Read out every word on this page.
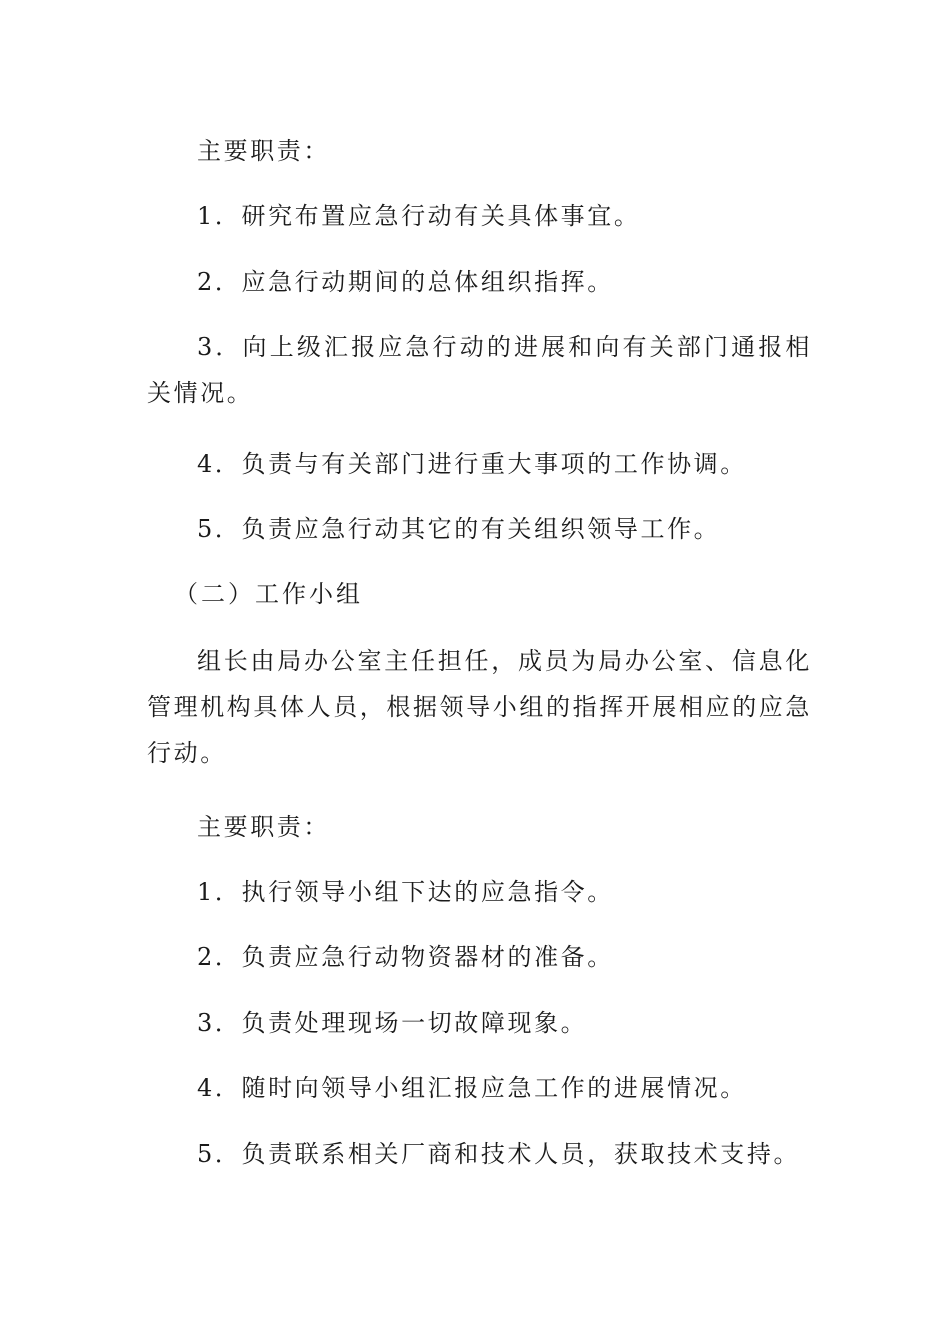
主要职责：

1．研究布置应急行动有关具体事宜。

2．应急行动期间的总体组织指挥。

3．向上级汇报应急行动的进展和向有关部门通报相关情况。

4．负责与有关部门进行重大事项的工作协调。

5．负责应急行动其它的有关组织领导工作。

（二）工作小组

组长由局办公室主任担任，成员为局办公室、信息化管理机构具体人员，根据领导小组的指挥开展相应的应急行动。

主要职责：

1．执行领导小组下达的应急指令。

2．负责应急行动物资器材的准备。

3．负责处理现场一切故障现象。

4．随时向领导小组汇报应急工作的进展情况。

5．负责联系相关厂商和技术人员，获取技术支持。
